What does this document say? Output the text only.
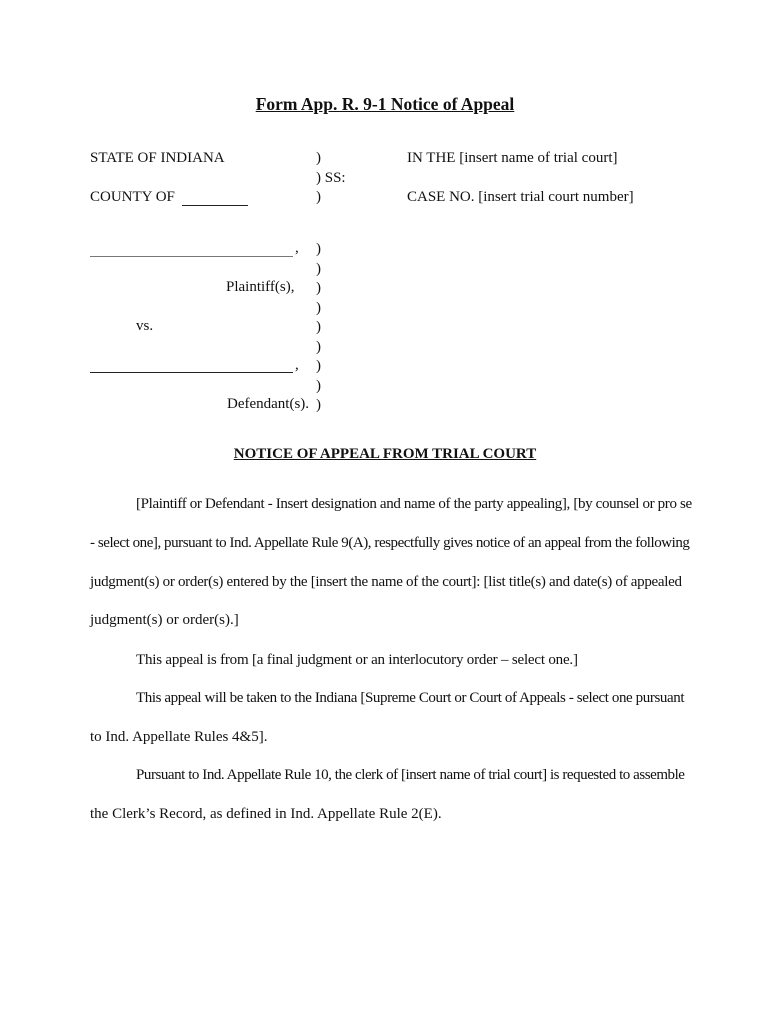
Form App. R. 9-1 Notice of Appeal
STATE OF INDIANA	)	IN THE [insert name of trial court]
) SS:
COUNTY OF	)	CASE NO. [insert trial court number]
,
Plaintiff(s),
vs.
,
Defendant(s).
)
)
)
)
)
)
)
)
)
NOTICE OF APPEAL FROM TRIAL COURT
[Plaintiff or Defendant - Insert designation and name of the party appealing], [by counsel or pro se
- select one], pursuant to Ind. Appellate Rule 9(A), respectfully gives notice of an appeal from the following
judgment(s) or order(s) entered by the [insert the name of the court]: [list title(s) and date(s) of appealed
judgment(s) or order(s).]
This appeal is from [a final judgment or an interlocutory order – select one.]
This appeal will be taken to the Indiana [Supreme Court or Court of Appeals - select one pursuant
to Ind. Appellate Rules 4&5].
Pursuant to Ind. Appellate Rule 10, the clerk of [insert name of trial court] is requested to assemble
the Clerk’s Record, as defined in Ind. Appellate Rule 2(E).
